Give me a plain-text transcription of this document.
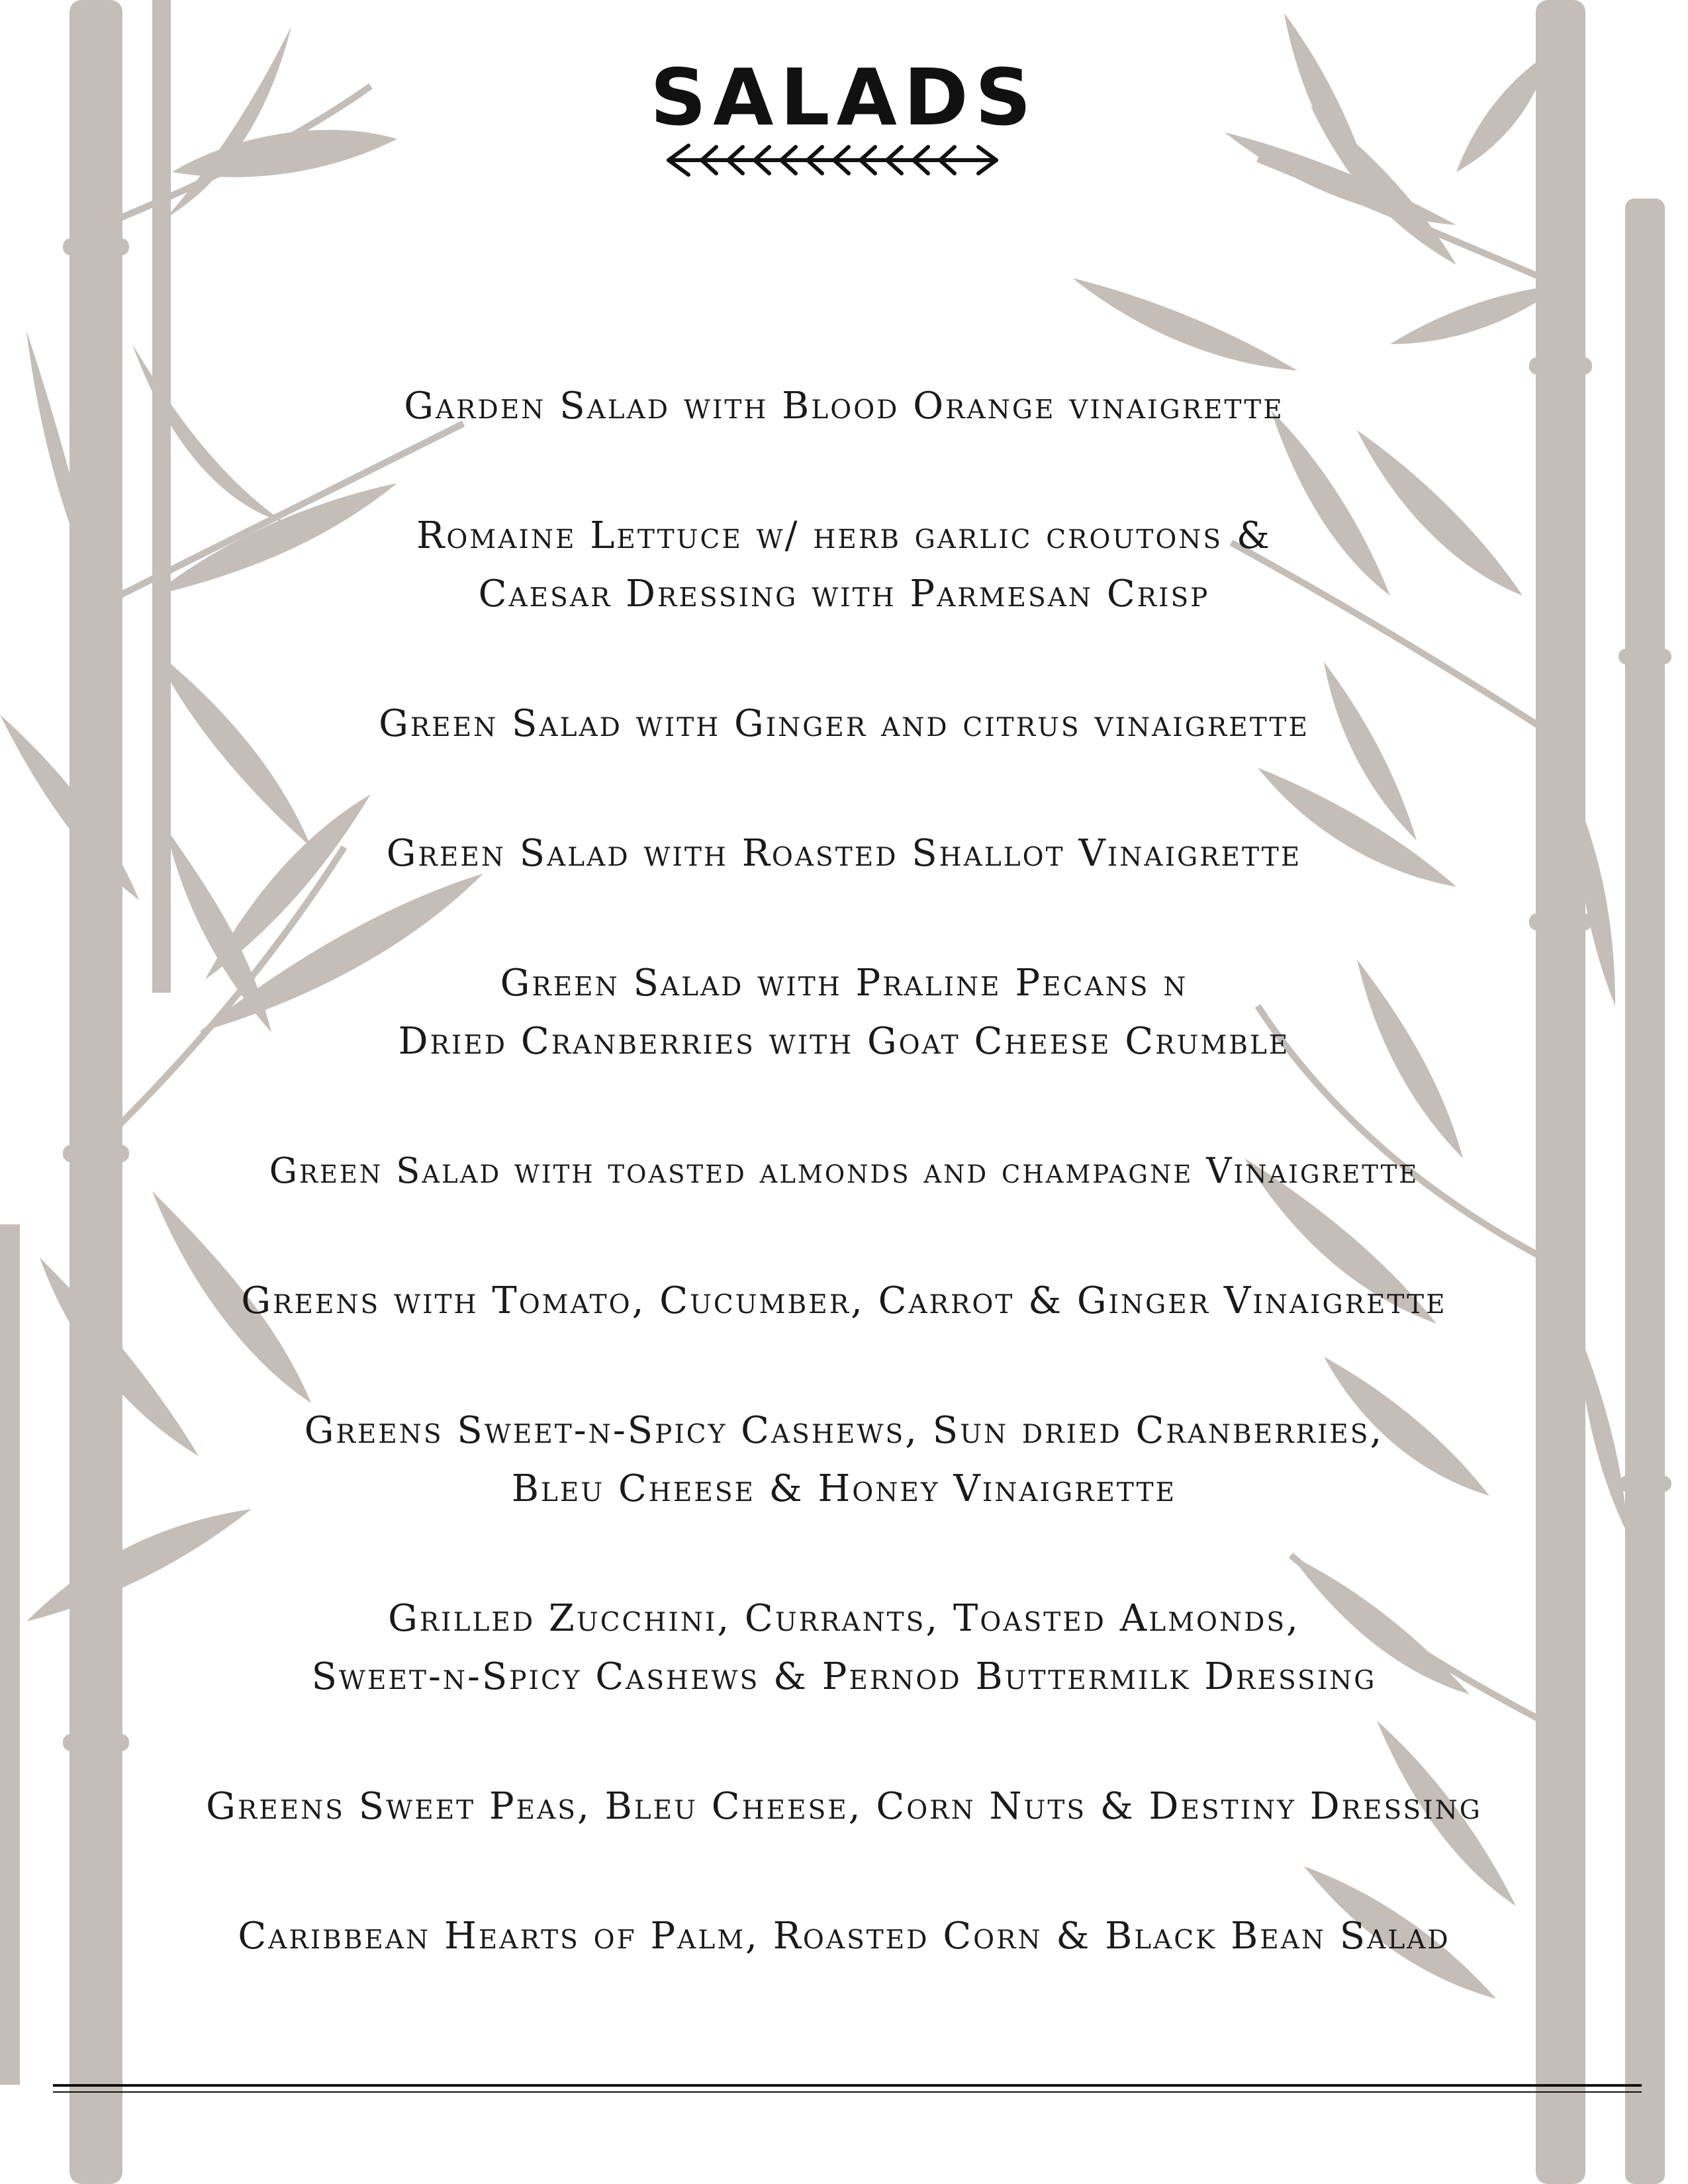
SALADS
Garden Salad with Blood Orange vinaigrette
Romaine Lettuce w/ herb garlic croutons &
Caesar Dressing with Parmesan Crisp
Green Salad with Ginger and citrus vinaigrette
Green Salad with Roasted Shallot Vinaigrette
Green Salad with Praline Pecans n
Dried Cranberries with Goat Cheese Crumble
Green Salad with toasted almonds and champagne Vinaigrette
Greens with Tomato, Cucumber, Carrot & Ginger Vinaigrette
Greens Sweet-n-Spicy Cashews, Sun dried Cranberries,
Bleu Cheese & Honey Vinaigrette
Grilled Zucchini, Currants, Toasted Almonds,
Sweet-n-Spicy Cashews & Pernod Buttermilk Dressing
Greens Sweet Peas, Bleu Cheese, Corn Nuts & Destiny Dressing
Caribbean Hearts of Palm, Roasted Corn & Black Bean Salad
